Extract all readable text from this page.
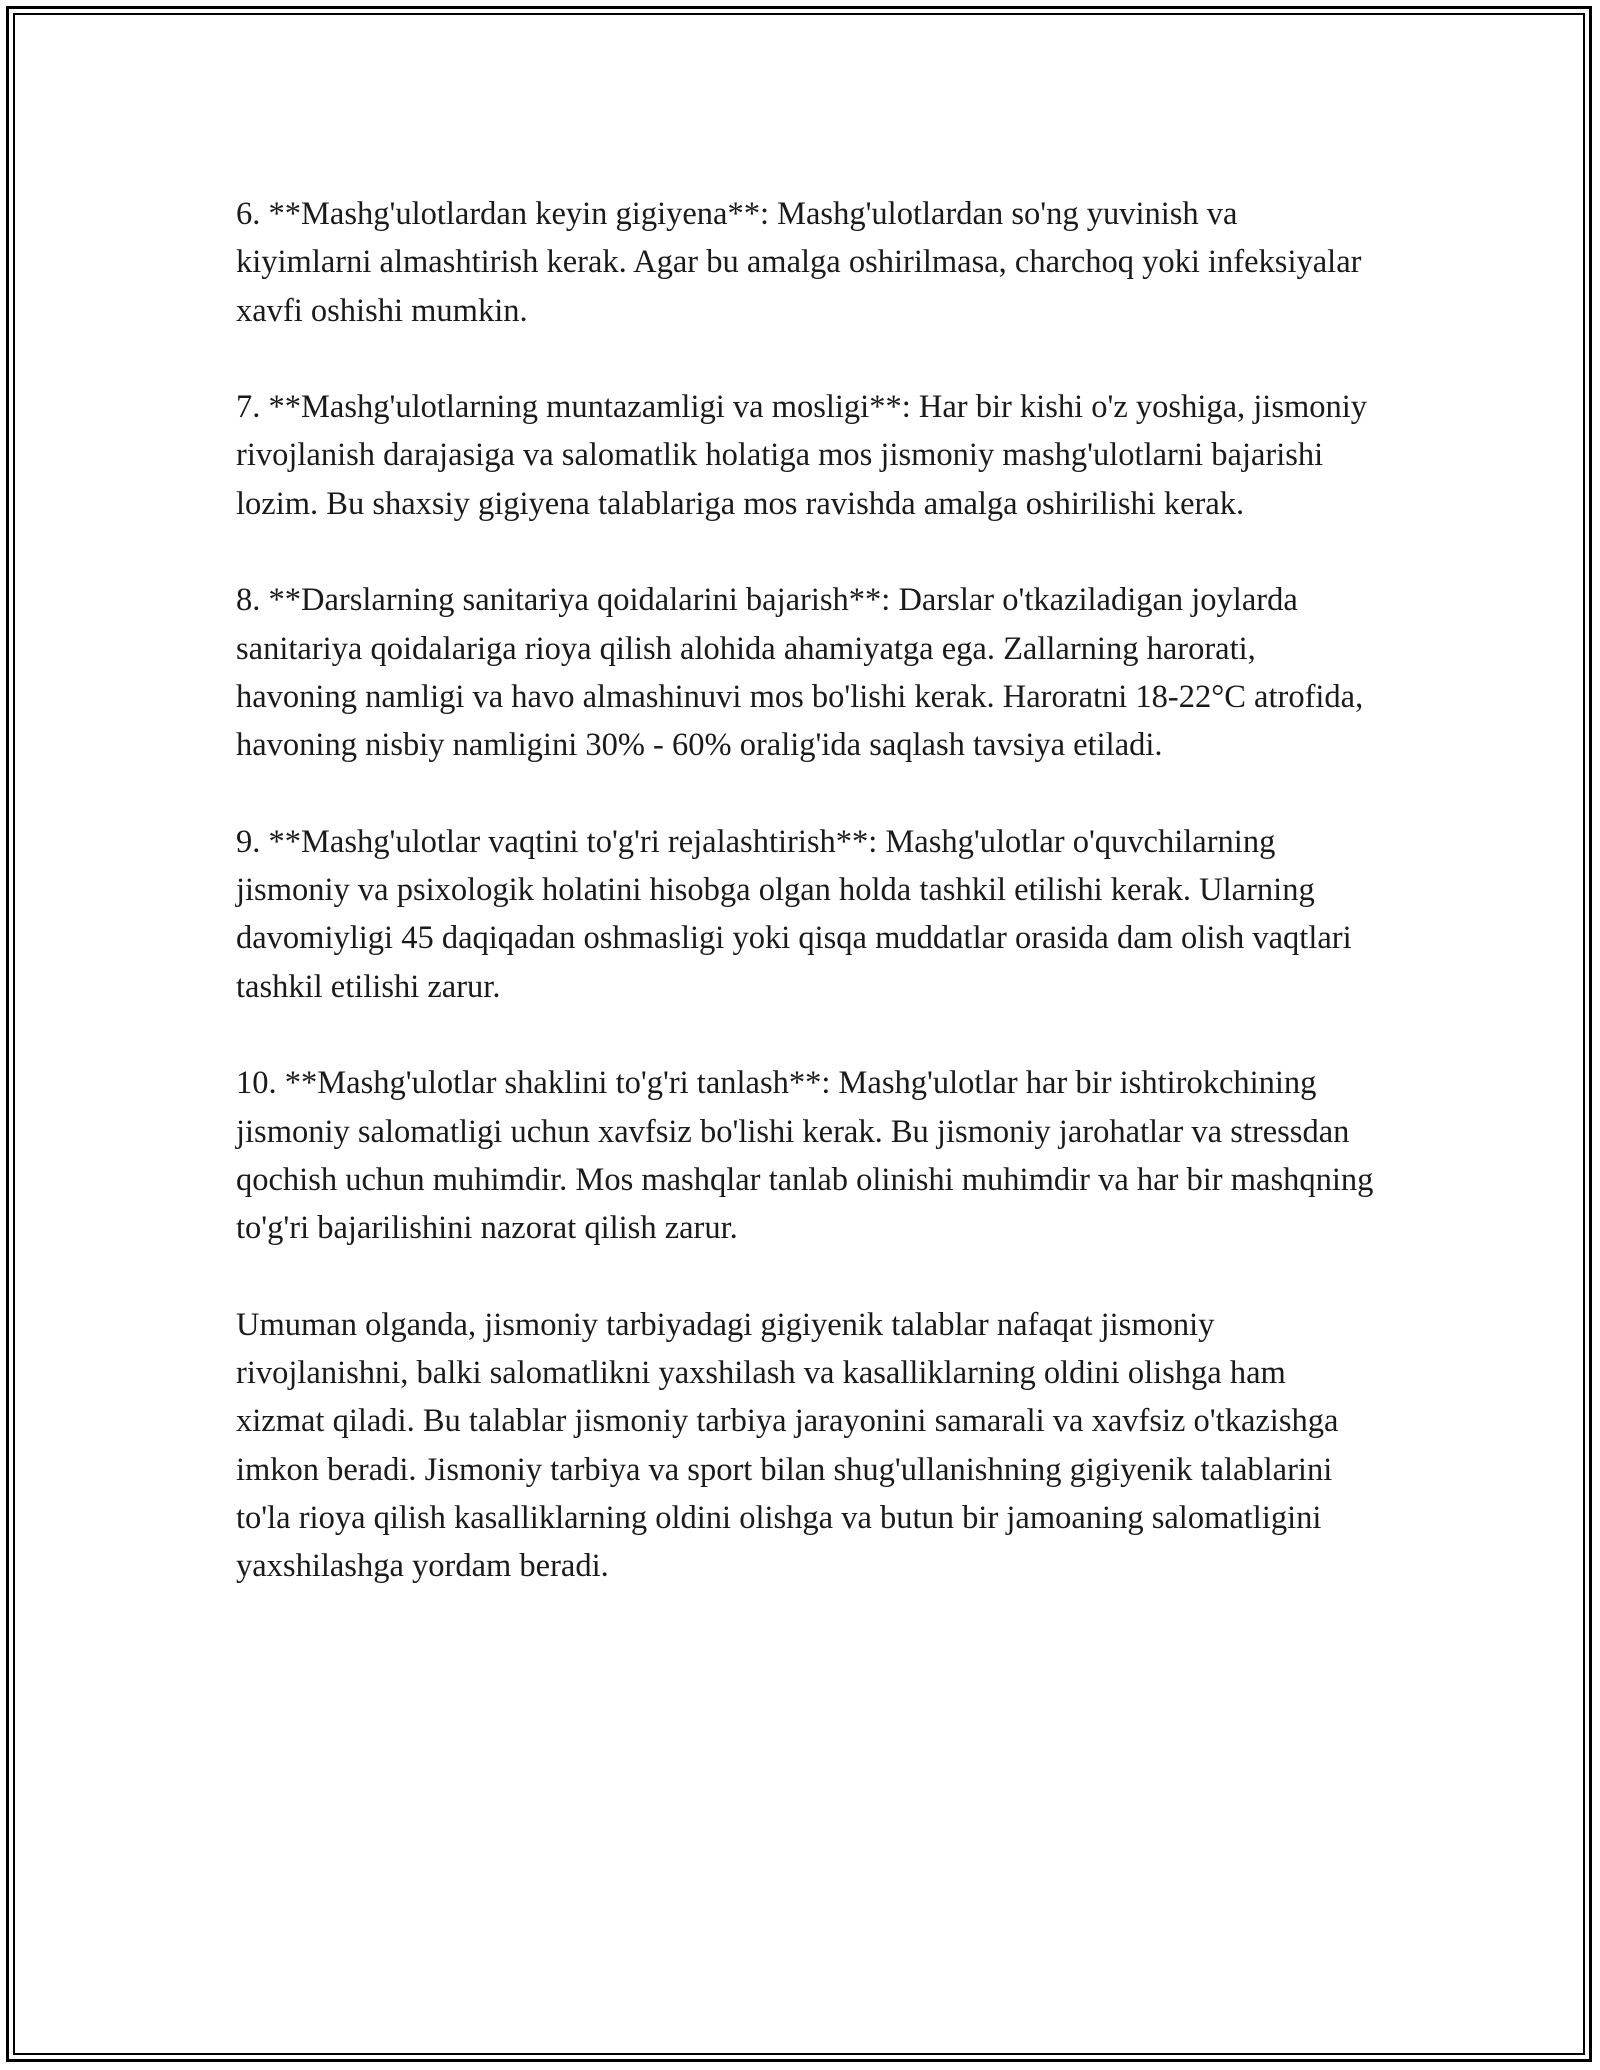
6. **Mashg'ulotlardan keyin gigiyena**: Mashg'ulotlardan so'ng yuvinish va kiyimlarni almashtirish kerak. Agar bu amalga oshirilmasa, charchoq yoki infeksiyalar xavfi oshishi mumkin.

7. **Mashg'ulotlarning muntazamligi va mosligi**: Har bir kishi o'z yoshiga, jismoniy rivojlanish darajasiga va salomatlik holatiga mos jismoniy mashg'ulotlarni bajarishi lozim. Bu shaxsiy gigiyena talablariga mos ravishda amalga oshirilishi kerak.

8. **Darslarning sanitariya qoidalarini bajarish**: Darslar o'tkaziladigan joylarda sanitariya qoidalariga rioya qilish alohida ahamiyatga ega. Zallarning harorati, havoning namligi va havo almashinuvi mos bo'lishi kerak. Haroratni 18-22°C atrofida, havoning nisbiy namligini 30% - 60% oralig'ida saqlash tavsiya etiladi.

9. **Mashg'ulotlar vaqtini to'g'ri rejalashtirish**: Mashg'ulotlar o'quvchilarning jismoniy va psixologik holatini hisobga olgan holda tashkil etilishi kerak. Ularning davomiyligi 45 daqiqadan oshmasligi yoki qisqa muddatlar orasida dam olish vaqtlari tashkil etilishi zarur.

10. **Mashg'ulotlar shaklini to'g'ri tanlash**: Mashg'ulotlar har bir ishtirokchining jismoniy salomatligi uchun xavfsiz bo'lishi kerak. Bu jismoniy jarohatlar va stressdan qochish uchun muhimdir. Mos mashqlar tanlab olinishi muhimdir va har bir mashqning to'g'ri bajarilishini nazorat qilish zarur.

Umuman olganda, jismoniy tarbiyadagi gigiyenik talablar nafaqat jismoniy rivojlanishni, balki salomatlikni yaxshilash va kasalliklarning oldini olishga ham xizmat qiladi. Bu talablar jismoniy tarbiya jarayonini samarali va xavfsiz o'tkazishga imkon beradi. Jismoniy tarbiya va sport bilan shug'ullanishning gigiyenik talablarini to'la rioya qilish kasalliklarning oldini olishga va butun bir jamoaning salomatligini yaxshilashga yordam beradi.
